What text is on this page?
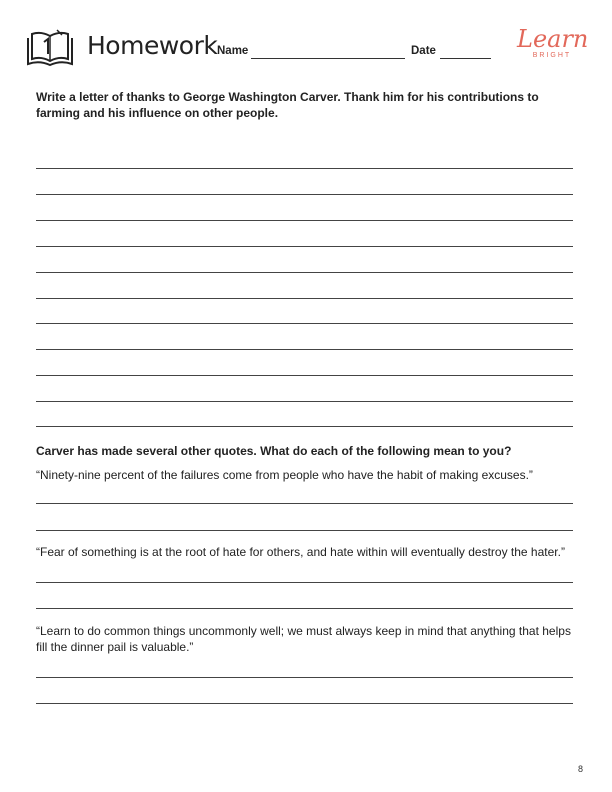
Homework Name	Date	Learn
BRIGHT
Write a letter of thanks to George Washington Carver. Thank him for his contributions to farming and his influence on other people.
Carver has made several other quotes. What do each of the following mean to you?
“Ninety-nine percent of the failures come from people who have the habit of making excuses.”
“Fear of something is at the root of hate for others, and hate within will eventually destroy the hater.”
“Learn to do common things uncommonly well; we must always keep in mind that anything that helps fill the dinner pail is valuable.”
8
